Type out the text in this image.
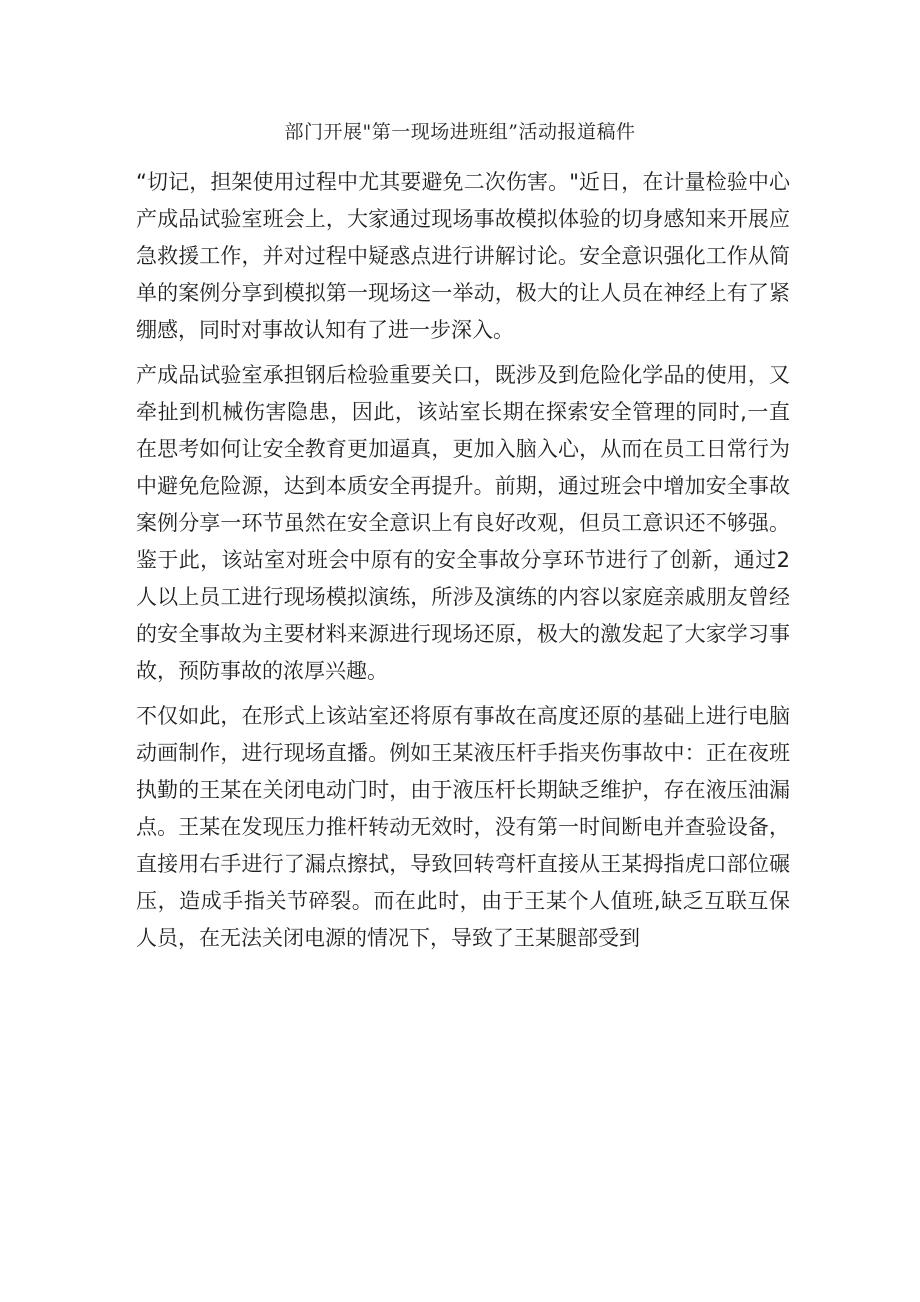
部门开展"第一现场进班组”活动报道稿件

“切记，担架使用过程中尤其要避免二次伤害。"近日，在计量检验中心产成品试验室班会上，大家通过现场事故模拟体验的切身感知来开展应急救援工作，并对过程中疑惑点进行讲解讨论。安全意识强化工作从简单的案例分享到模拟第一现场这一举动，极大的让人员在神经上有了紧绷感，同时对事故认知有了进一步深入。

产成品试验室承担钢后检验重要关口，既涉及到危险化学品的使用，又牵扯到机械伤害隐患，因此，该站室长期在探索安全管理的同时,一直在思考如何让安全教育更加逼真，更加入脑入心，从而在员工日常行为中避免危险源，达到本质安全再提升。前期，通过班会中增加安全事故案例分享一环节虽然在安全意识上有良好改观，但员工意识还不够强。鉴于此，该站室对班会中原有的安全事故分享环节进行了创新，通过2人以上员工进行现场模拟演练，所涉及演练的内容以家庭亲戚朋友曾经的安全事故为主要材料来源进行现场还原，极大的激发起了大家学习事故，预防事故的浓厚兴趣。

不仅如此，在形式上该站室还将原有事故在高度还原的基础上进行电脑动画制作，进行现场直播。例如王某液压杆手指夹伤事故中：正在夜班执勤的王某在关闭电动门时，由于液压杆长期缺乏维护，存在液压油漏点。王某在发现压力推杆转动无效时，没有第一时间断电并查验设备，直接用右手进行了漏点擦拭，导致回转弯杆直接从王某拇指虎口部位碾压，造成手指关节碎裂。而在此时，由于王某个人值班,缺乏互联互保人员，在无法关闭电源的情况下，导致了王某腿部受到
